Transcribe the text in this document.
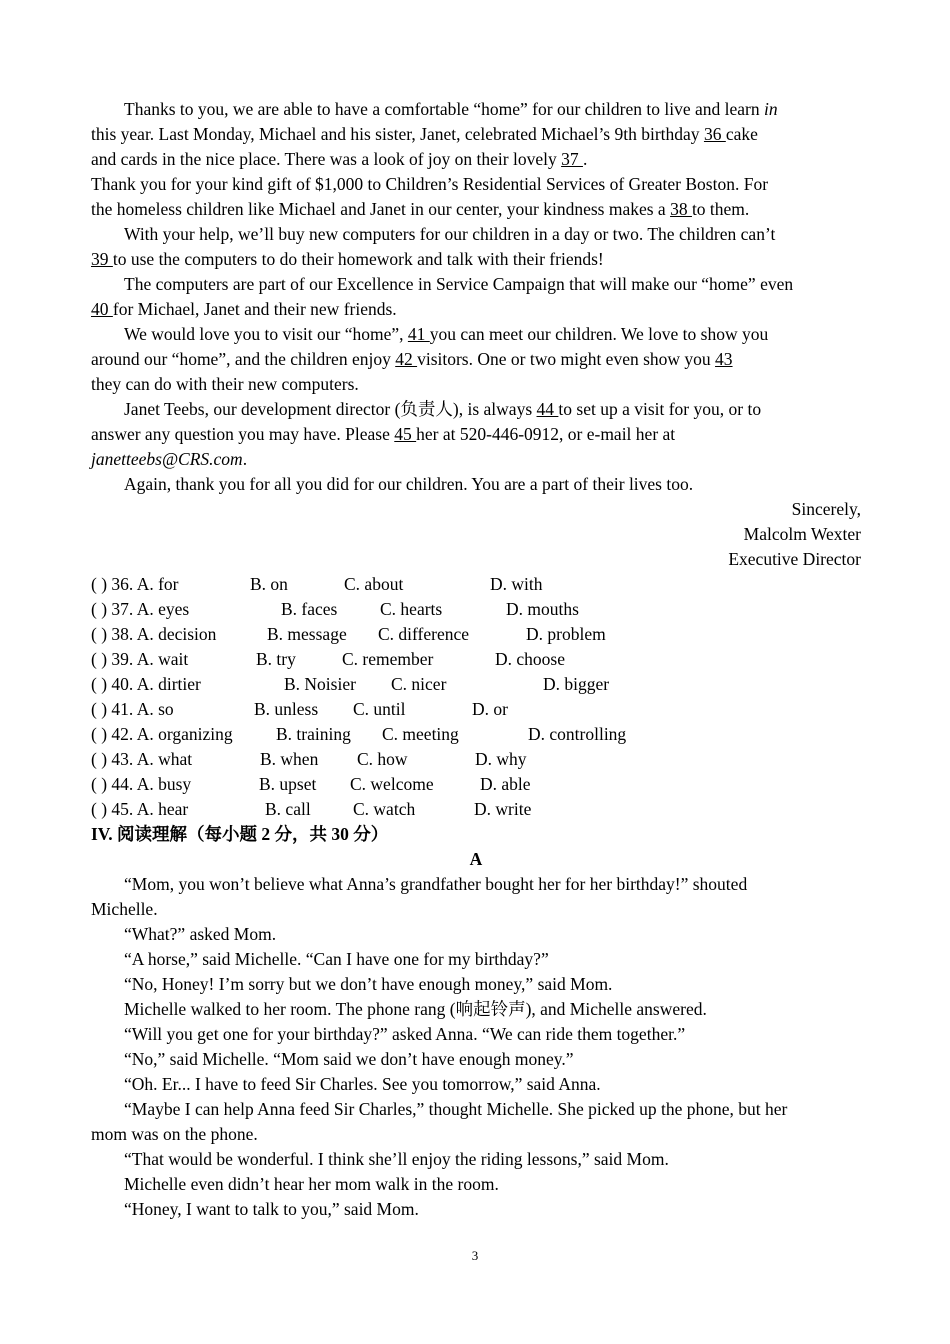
Thanks to you, we are able to have a comfortable “home” for our children to live and learn in
this year. Last Monday, Michael and his sister, Janet, celebrated Michael’s 9th birthday 36 cake
and cards in the nice place. There was a look of joy on their lovely 37 .
Thank you for your kind gift of $1,000 to Children’s Residential Services of Greater Boston. For
the homeless children like Michael and Janet in our center, your kindness makes a 38 to them.
With your help, we’ll buy new computers for our children in a day or two. The children can’t
39 to use the computers to do their homework and talk with their friends!
The computers are part of our Excellence in Service Campaign that will make our “home” even
40 for Michael, Janet and their new friends.
We would love you to visit our “home”, 41 you can meet our children. We love to show you
around our “home”, and the children enjoy 42 visitors. One or two might even show you 43
they can do with their new computers.
Janet Teebs, our development director (负责人), is always 44 to set up a visit for you, or to
answer any question you may have. Please 45 her at 520-446-0912, or e-mail her at
janetteebs@CRS.com.
Again, thank you for all you did for our children. You are a part of their lives too.
Sincerely,
Malcolm Wexter
Executive Director
( ) 36. A. for	B. on	C. about	D. with
( ) 37. A. eyes	B. faces C. hearts	D. mouths
( ) 38. A. decision	B. message C. difference	D. problem
( ) 39. A. wait	B. try	C. remember	D. choose
( ) 40. A. dirtier	B. Noisier C. nicer	D. bigger
( ) 41. A. so	B. unless C. until	D. or
( ) 42. A. organizing B. training C. meeting	D. controlling
( ) 43. A. what	B. when C. how	D. why
( ) 44. A. busy	B. upset C. welcome	D. able
( ) 45. A. hear	B. call C. watch	D. write
IV. 阅读理解（每小题 2 分，共 30 分）
A
“Mom, you won’t believe what Anna’s grandfather bought her for her birthday!” shouted
Michelle.
“What?” asked Mom.
“A horse,” said Michelle. “Can I have one for my birthday?”
“No, Honey! I’m sorry but we don’t have enough money,” said Mom.
Michelle walked to her room. The phone rang (响起铃声), and Michelle answered.
“Will you get one for your birthday?” asked Anna. “We can ride them together.”
“No,” said Michelle. “Mom said we don’t have enough money.”
“Oh. Er... I have to feed Sir Charles. See you tomorrow,” said Anna.
“Maybe I can help Anna feed Sir Charles,” thought Michelle. She picked up the phone, but her
mom was on the phone.
“That would be wonderful. I think she’ll enjoy the riding lessons,” said Mom.
Michelle even didn’t hear her mom walk in the room.
“Honey, I want to talk to you,” said Mom.
3
